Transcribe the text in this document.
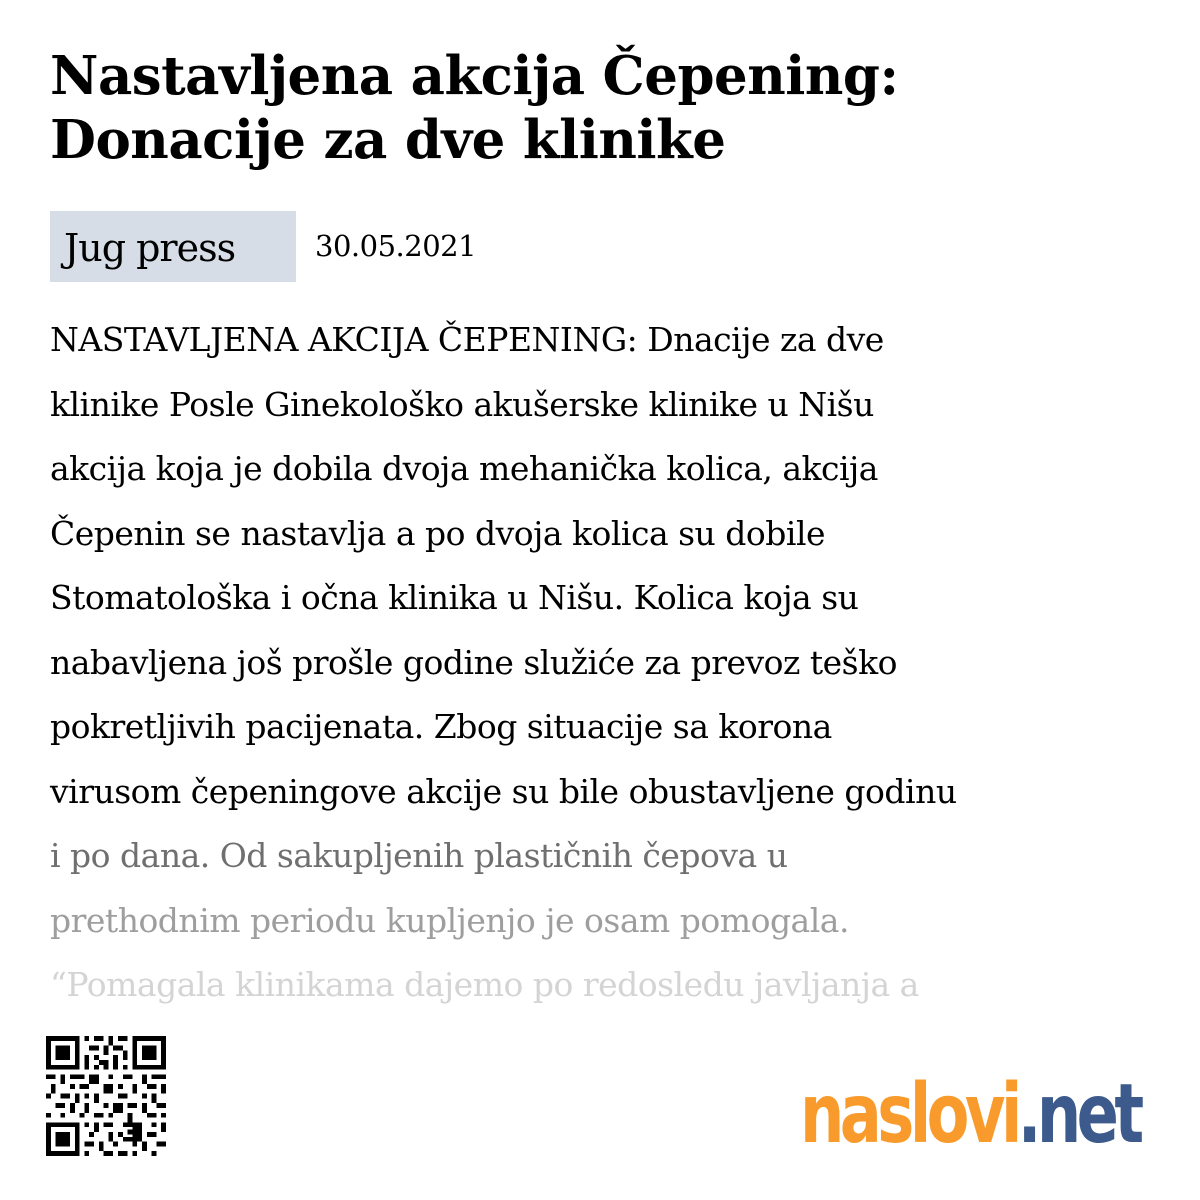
Nastavljena akcija Čepening: Donacije za dve klinike
Jug press	30.05.2021
NASTAVLJENA AKCIJA ČEPENING: Dnacije za dve
klinike Posle Ginekološko akušerske klinike u Nišu
akcija koja je dobila dvoja mehanička kolica, akcija
Čepenin se nastavlja a po dvoja kolica su dobile
Stomatološka i očna klinika u Nišu. Kolica koja su
nabavljena još prošle godine služiće za prevoz teško
pokretljivih pacijenata. Zbog situacije sa korona
virusom čepeningove akcije su bile obustavljene godinu
i po dana. Od sakupljenih plastičnih čepova u
prethodnim periodu kupljenjo je osam pomogala.
“Pomagala klinikama dajemo po redosledu javljanja a
naslovi.net
